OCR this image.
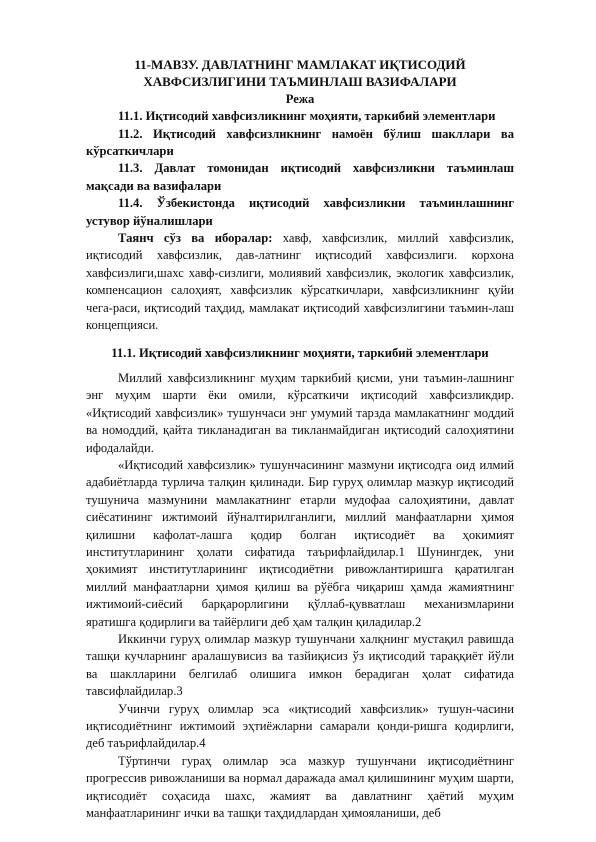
11-МАВЗУ. ДАВЛАТНИНГ МАМЛАКАТ ИҚТИСОДИЙ
ХАВФСИЗЛИГИНИ ТАЪМИНЛАШ ВАЗИФАЛАРИ

Режа

11.1. Иқтисодий хавфсизликнинг моҳияти, таркибий элементлари

11.2. Иқтисодий хавфсизликнинг намоён бўлиш шакллари ва кўрсаткичлари

11.3. Давлат томонидан иқтисодий хавфсизликни таъминлаш мақсади ва вазифалари

11.4. Ўзбекистонда иқтисодий хавфсизликни таъминлашнинг устувор йўналишлари

Таянч сўз ва иборалар: хавф, хавфсизлик, миллий хавфсизлик, иқтисодий хавфсизлик, дав-латнинг иқтисодий хавфсизлиги. корхона хавфсизлиги,шахс хавф-сизлиги, молиявий хавфсизлик, экологик хавфсизлик, компенсацион салоҳият, хавфсизлик кўрсаткичлари, хавфсизликнинг қуйи чега-раси, иқтисодий таҳдид, мамлакат иқтисодий хавфсизлигини таъмин-лаш концепцияси.

11.1. Иқтисодий хавфсизликнинг моҳияти, таркибий элементлари

Миллий хавфсизликнинг муҳим таркибий қисми, уни таъмин-лашнинг энг муҳим шарти ёки омили, кўрсаткичи иқтисодий хавфсизликдир. «Иқтисодий хавфсизлик» тушунчаси энг умумий тарзда мамлакатнинг моддий ва номоддий, қайта тикланадиган ва тикланмайдиган иқтисодий салоҳиятини ифодалайди.

«Иқтисодий хавфсизлик» тушунчасининг мазмуни иқтисодга оид илмий адабиётларда турлича талқин қилинади. Бир гуруҳ олимлар мазкур иқтисодий тушунича мазмунини мамлакатнинг етарли мудофаа салоҳиятини, давлат сиёсатининг ижтимоий йўналтирилганлиги, миллий манфаатларни ҳимоя қилишни кафолат-лашга қодир болган иқтисодиёт ва ҳокимият институтларининг ҳолати сифатида таърифлайдилар.1 Шунингдек, уни ҳокимият институтларининг иқтисодиётни ривожлантиришга қаратилган миллий манфаатларни ҳимоя қилиш ва рўёбга чиқариш ҳамда жамиятнинг ижтимоий-сиёсий барқарорлигини қўллаб-қувватлаш механизмларини яратишга қодирлиги ва тайёрлиги деб ҳам талқин қиладилар.2

Иккинчи гуруҳ олимлар мазкур тушунчани халқнинг мустақил равишда ташқи кучларнинг аралашувисиз ва тазйиқисиз ўз иқтисодий тараққиёт йўли ва шаклларини белгилаб олишига имкон берадиган ҳолат сифатида тавсифлайдилар.3

Учинчи гуруҳ олимлар эса «иқтисодий хавфсизлик» тушун-часини иқтисодиётнинг ижтимоий эҳтиёжларни самарали қонди-ришга қодирлиги, деб таърифлайдилар.4

Тўртинчи гураҳ олимлар эса мазкур тушунчани иқтисодиётнинг прогрессив ривожланиши ва нормал даражада амал қилишининг муҳим шарти, иқтисодиёт соҳасида шахс, жамият ва давлатнинг ҳаётий муҳим манфаатларининг ички ва ташқи таҳдидлардан ҳимояланиши, деб
